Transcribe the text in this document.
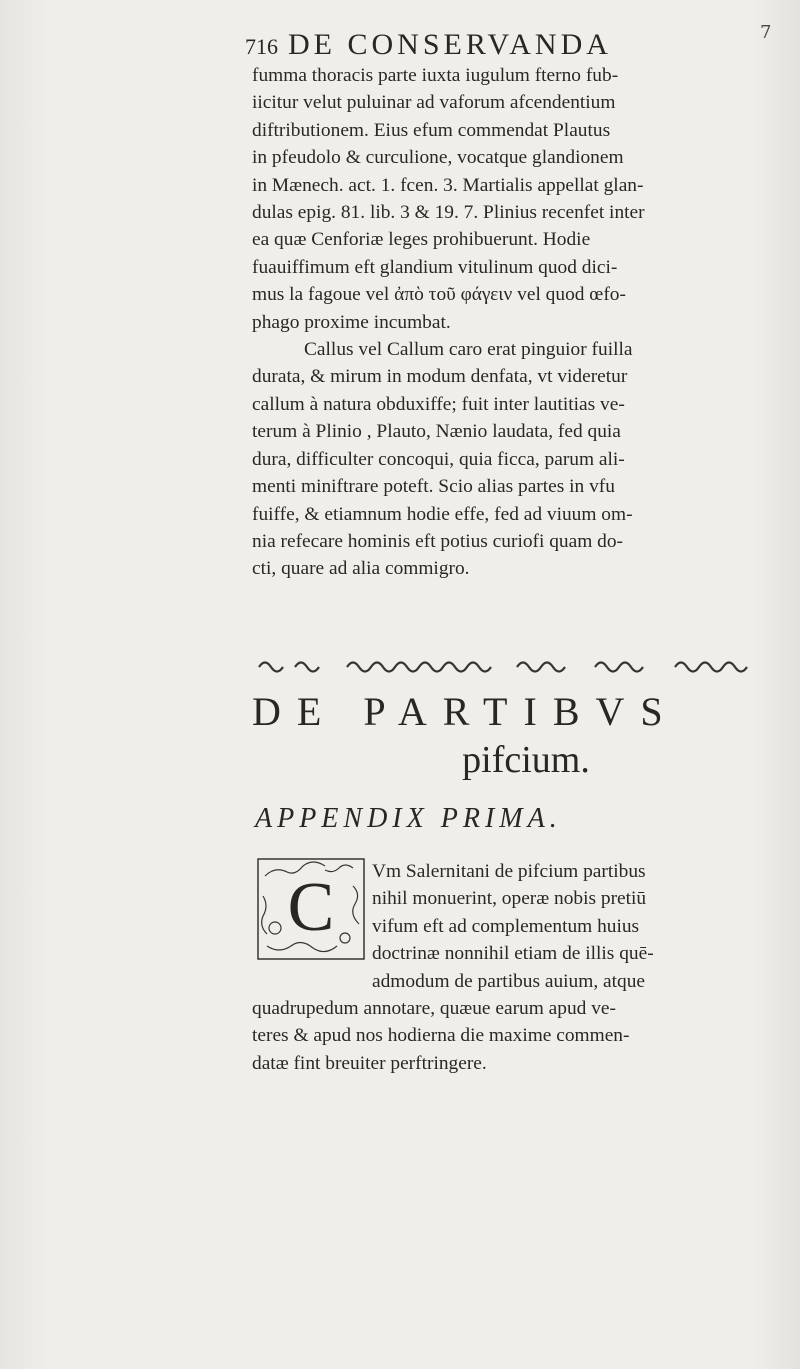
716 DE CONSERVANDA	7
fumma thoracis parte iuxta iugulum fterno fub-
iicitur velut puluinar ad vaforum afcendentium
diftributionem. Eius efum commendat Plautus
in pfeudolo & curculione, vocatque glandionem
in Mænech. act. 1. fcen. 3. Martialis appellat glan-
dulas epig. 81. lib. 3 & 19. 7. Plinius recenfet inter
ea quæ Cenforiæ leges prohibuerunt. Hodie
fuauiffimum eft glandium vitulinum quod dici-
mus la fagoue vel ἀπὸ τοῦ φάγειν vel quod œfo-
phago proxime incumbat.
Callus vel Callum caro erat pinguior fuilla
durata, & mirum in modum denfata, vt videretur
callum à natura obduxiffe; fuit inter lautitias ve-
terum à Plinio , Plauto, Nænio laudata, fed quia
dura, difficulter concoqui, quia ficca, parum ali-
menti miniftrare poteft. Scio alias partes in vfu
fuiffe, & etiamnum hodie effe, fed ad viuum om-
nia refecare hominis eft potius curiofi quam do-
cti, quare ad alia commigro.
DE PARTIBVS
pifcium.
APPENDIX PRIMA.
C Vm Salernitani de pifcium partibus
nihil monuerint, operæ nobis pretiū
vifum eft ad complementum huius
doctrinæ nonnihil etiam de illis quē-
admodum de partibus auium, atque
quadrupedum annotare, quæue earum apud ve-
teres & apud nos hodierna die maxime commen-
datæ fint breuiter perftringere.
